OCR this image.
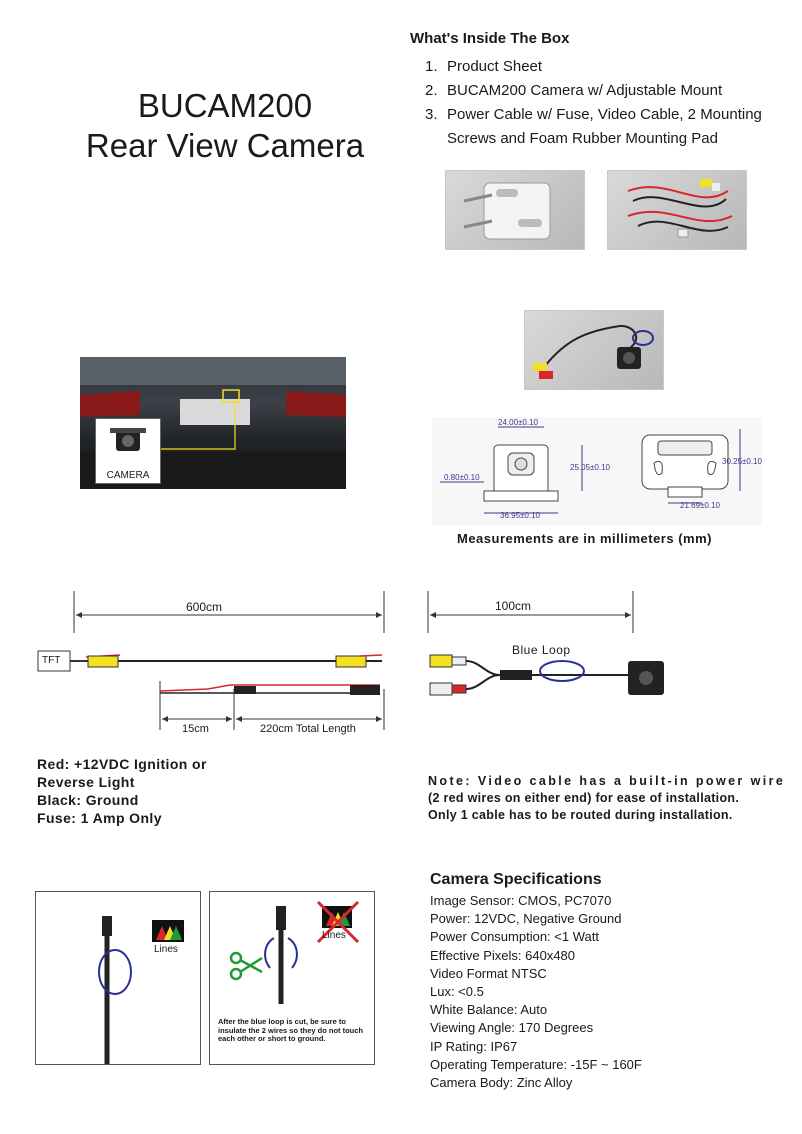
BUCAM200
Rear View Camera
What's Inside The Box
1. Product Sheet
2. BUCAM200 Camera w/ Adjustable Mount
3. Power Cable w/ Fuse, Video Cable, 2 Mounting
Screws and Foam Rubber Mounting Pad
CAMERA
24.00±0.10
25.05±0.10
0.80±0.10
36.95±0.10
30.25±0.10
21.69±0.10
Measurements are in millimeters (mm)
600cm
TFT
15cm	220cm Total Length
100cm
Blue Loop
Red: +12VDC Ignition or
Reverse Light
Black: Ground
Fuse: 1 Amp Only
Note: Video cable has a built-in power wire
(2 red wires on either end) for ease of installation.
Only 1 cable has to be routed during installation.
Lines
Lines
After the blue loop is cut, be sure to insulate the 2 wires so they do not touch each other or short to ground.
Camera Specifications
Image Sensor: CMOS, PC7070
Power: 12VDC, Negative Ground
Power Consumption: <1 Watt
Effective Pixels: 640x480
Video Format NTSC
Lux: <0.5
White Balance: Auto
Viewing Angle: 170 Degrees
IP Rating: IP67
Operating Temperature: -15F ~ 160F
Camera Body: Zinc Alloy
